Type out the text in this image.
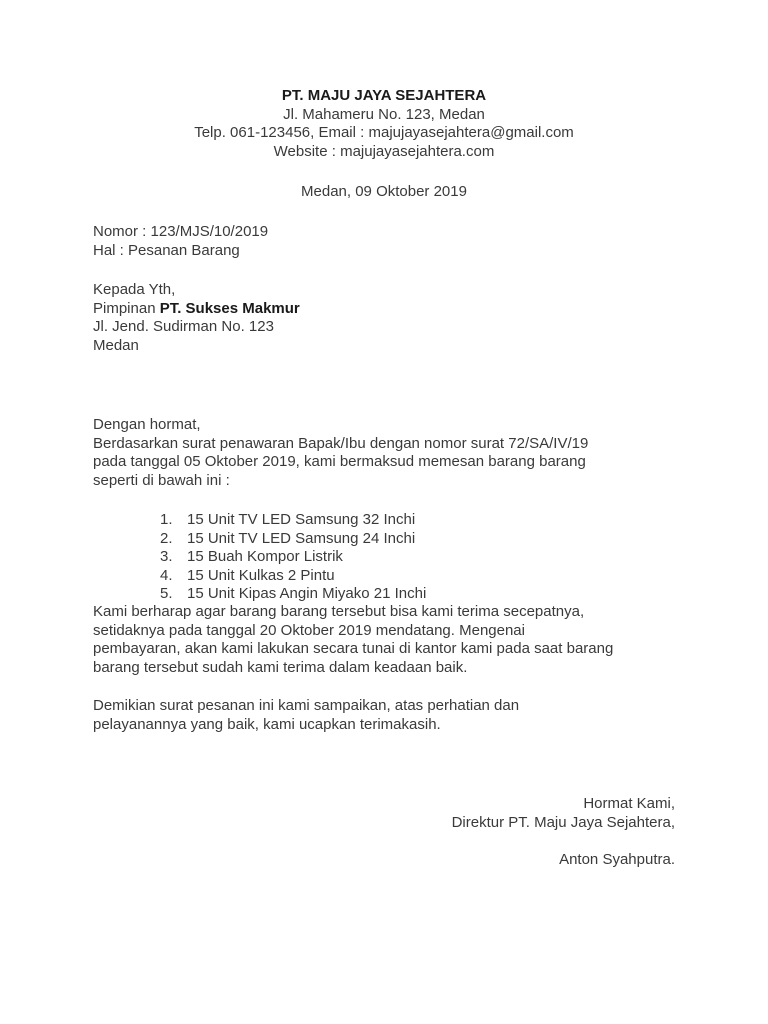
PT. MAJU JAYA SEJAHTERA
Jl. Mahameru No. 123, Medan
Telp. 061-123456, Email : majujayasejahtera@gmail.com
Website : majujayasejahtera.com
Medan, 09 Oktober 2019
Nomor : 123/MJS/10/2019
Hal : Pesanan Barang
Kepada Yth,
Pimpinan PT. Sukses Makmur
Jl. Jend. Sudirman No. 123
Medan
Dengan hormat,
Berdasarkan surat penawaran Bapak/Ibu dengan nomor surat 72/SA/IV/19
pada tanggal 05 Oktober 2019, kami bermaksud memesan barang barang
seperti di bawah ini :
1. 15 Unit TV LED Samsung 32 Inchi
2. 15 Unit TV LED Samsung 24 Inchi
3. 15 Buah Kompor Listrik
4. 15 Unit Kulkas 2 Pintu
5. 15 Unit Kipas Angin Miyako 21 Inchi
Kami berharap agar barang barang tersebut bisa kami terima secepatnya,
setidaknya pada tanggal 20 Oktober 2019 mendatang. Mengenai
pembayaran, akan kami lakukan secara tunai di kantor kami pada saat barang
barang tersebut sudah kami terima dalam keadaan baik.
Demikian surat pesanan ini kami sampaikan, atas perhatian dan
pelayanannya yang baik, kami ucapkan terimakasih.
Hormat Kami,
Direktur PT. Maju Jaya Sejahtera,
Anton Syahputra.
